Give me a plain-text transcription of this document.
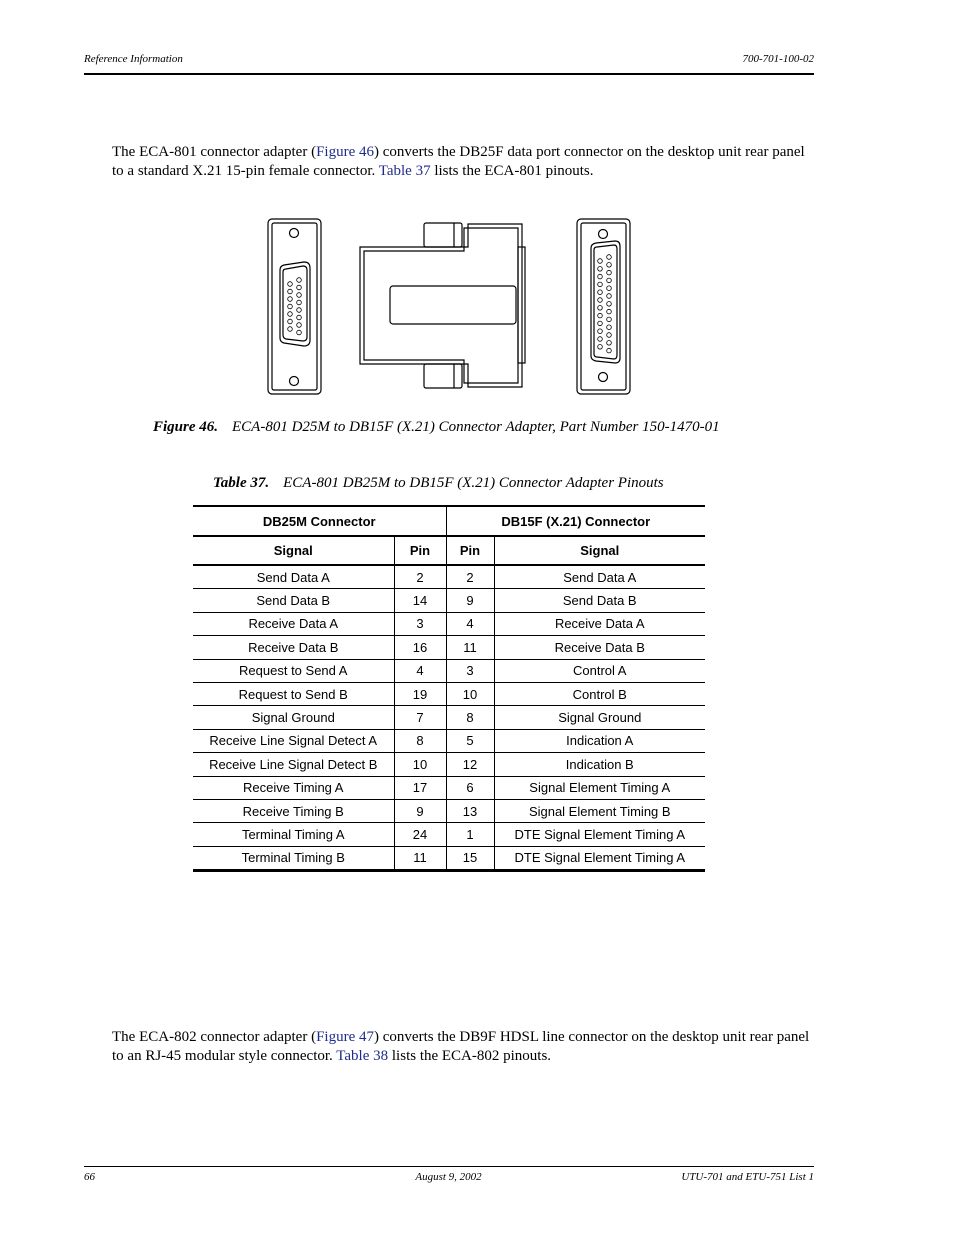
Reference Information	700-701-100-02

The ECA-801 connector adapter (Figure 46) converts the DB25F data port connector on the desktop unit rear panel to a standard X.21 15-pin female connector. Table 37 lists the ECA-801 pinouts.

Figure 46. ECA-801 D25M to DB15F (X.21) Connector Adapter, Part Number 150-1470-01
Table 37. ECA-801 DB25M to DB15F (X.21) Connector Adapter Pinouts
DB25M Connector		DB15F (X.21) Connector	
Signal	Pin	Pin	Signal
Send Data A	2	2	Send Data A
Send Data B	14	9	Send Data B
Receive Data A	3	4	Receive Data A
Receive Data B	16	11	Receive Data B
Request to Send A	4	3	Control A
Request to Send B	19	10	Control B
Signal Ground	7	8	Signal Ground
Receive Line Signal Detect A	8	5	Indication A
Receive Line Signal Detect B	10	12	Indication B
Receive Timing A	17	6	Signal Element Timing A
Receive Timing B	9	13	Signal Element Timing B
Terminal Timing A	24	1	DTE Signal Element Timing A
Terminal Timing B	11	15	DTE Signal Element Timing A

The ECA-802 connector adapter (Figure 47) converts the DB9F HDSL line connector on the desktop unit rear panel to an RJ-45 modular style connector. Table 38 lists the ECA-802 pinouts.

66	August 9, 2002	UTU-701 and ETU-751 List 1
